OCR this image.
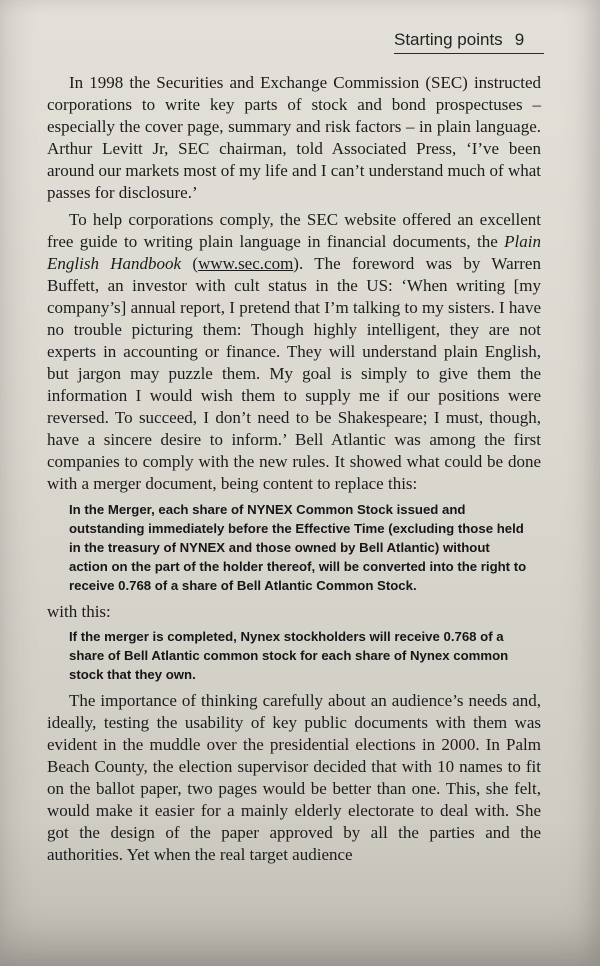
Starting points 9

In 1998 the Securities and Exchange Commission (SEC) instructed corporations to write key parts of stock and bond prospectuses – especially the cover page, summary and risk factors – in plain language. Arthur Levitt Jr, SEC chairman, told Associated Press, ‘I’ve been around our markets most of my life and I can’t understand much of what passes for disclosure.’

To help corporations comply, the SEC website offered an excellent free guide to writing plain language in financial documents, the Plain English Handbook (www.sec.com). The foreword was by Warren Buffett, an investor with cult status in the US: ‘When writing [my company’s] annual report, I pretend that I’m talking to my sisters. I have no trouble picturing them: Though highly intelligent, they are not experts in accounting or finance. They will understand plain English, but jargon may puzzle them. My goal is simply to give them the information I would wish them to supply me if our positions were reversed. To succeed, I don’t need to be Shakespeare; I must, though, have a sincere desire to inform.’ Bell Atlantic was among the first companies to comply with the new rules. It showed what could be done with a merger document, being content to replace this:

In the Merger, each share of NYNEX Common Stock issued and outstanding immediately before the Effective Time (excluding those held in the treasury of NYNEX and those owned by Bell Atlantic) without action on the part of the holder thereof, will be converted into the right to receive 0.768 of a share of Bell Atlantic Common Stock.

with this:

If the merger is completed, Nynex stockholders will receive 0.768 of a share of Bell Atlantic common stock for each share of Nynex common stock that they own.

The importance of thinking carefully about an audience’s needs and, ideally, testing the usability of key public documents with them was evident in the muddle over the presidential elections in 2000. In Palm Beach County, the election supervisor decided that with 10 names to fit on the ballot paper, two pages would be better than one. This, she felt, would make it easier for a mainly elderly electorate to deal with. She got the design of the paper approved by all the parties and the authorities. Yet when the real target audience
